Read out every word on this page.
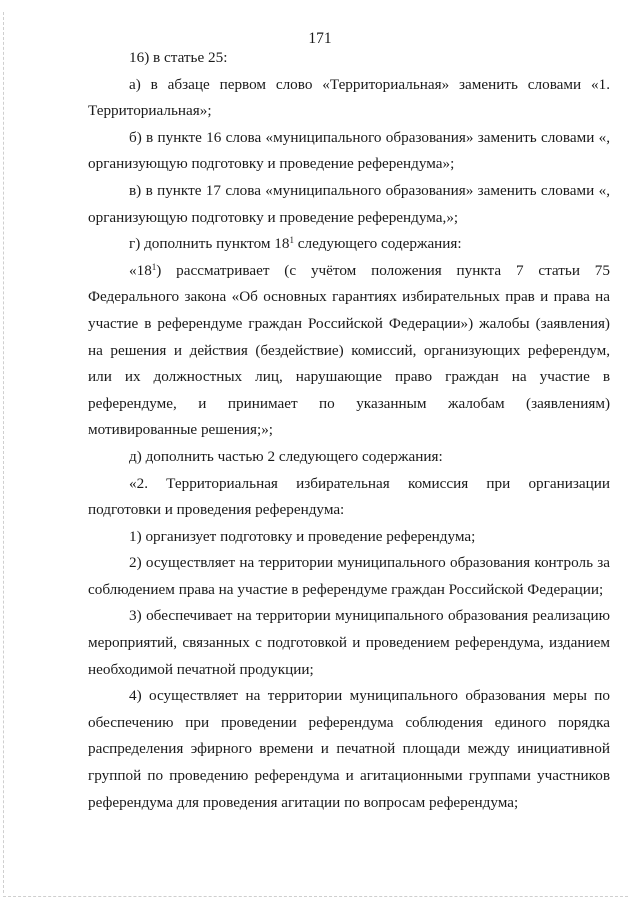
171

16) в статье 25:

а) в абзаце первом слово «Территориальная» заменить словами «1. Территориальная»;

б) в пункте 16 слова «муниципального образования» заменить словами «, организующую подготовку и проведение референдума»;

в) в пункте 17 слова «муниципального образования» заменить словами «, организующую подготовку и проведение референдума,»;

г) дополнить пунктом $18^1$ следующего содержания:

«$18^1$) рассматривает (с учётом положения пункта 7 статьи 75 Федерального закона «Об основных гарантиях избирательных прав и права на участие в референдуме граждан Российской Федерации») жалобы (заявления) на решения и действия (бездействие) комиссий, организующих референдум, или их должностных лиц, нарушающие право граждан на участие в референдуме, и принимает по указанным жалобам (заявлениям) мотивированные решения;»;

д) дополнить частью 2 следующего содержания:

«2. Территориальная избирательная комиссия при организации подготовки и проведения референдума:

1) организует подготовку и проведение референдума;

2) осуществляет на территории муниципального образования контроль за соблюдением права на участие в референдуме граждан Российской Федерации;

3) обеспечивает на территории муниципального образования реализацию мероприятий, связанных с подготовкой и проведением референдума, изданием необходимой печатной продукции;

4) осуществляет на территории муниципального образования меры по обеспечению при проведении референдума соблюдения единого порядка распределения эфирного времени и печатной площади между инициативной группой по проведению референдума и агитационными группами участников референдума для проведения агитации по вопросам референдума;
